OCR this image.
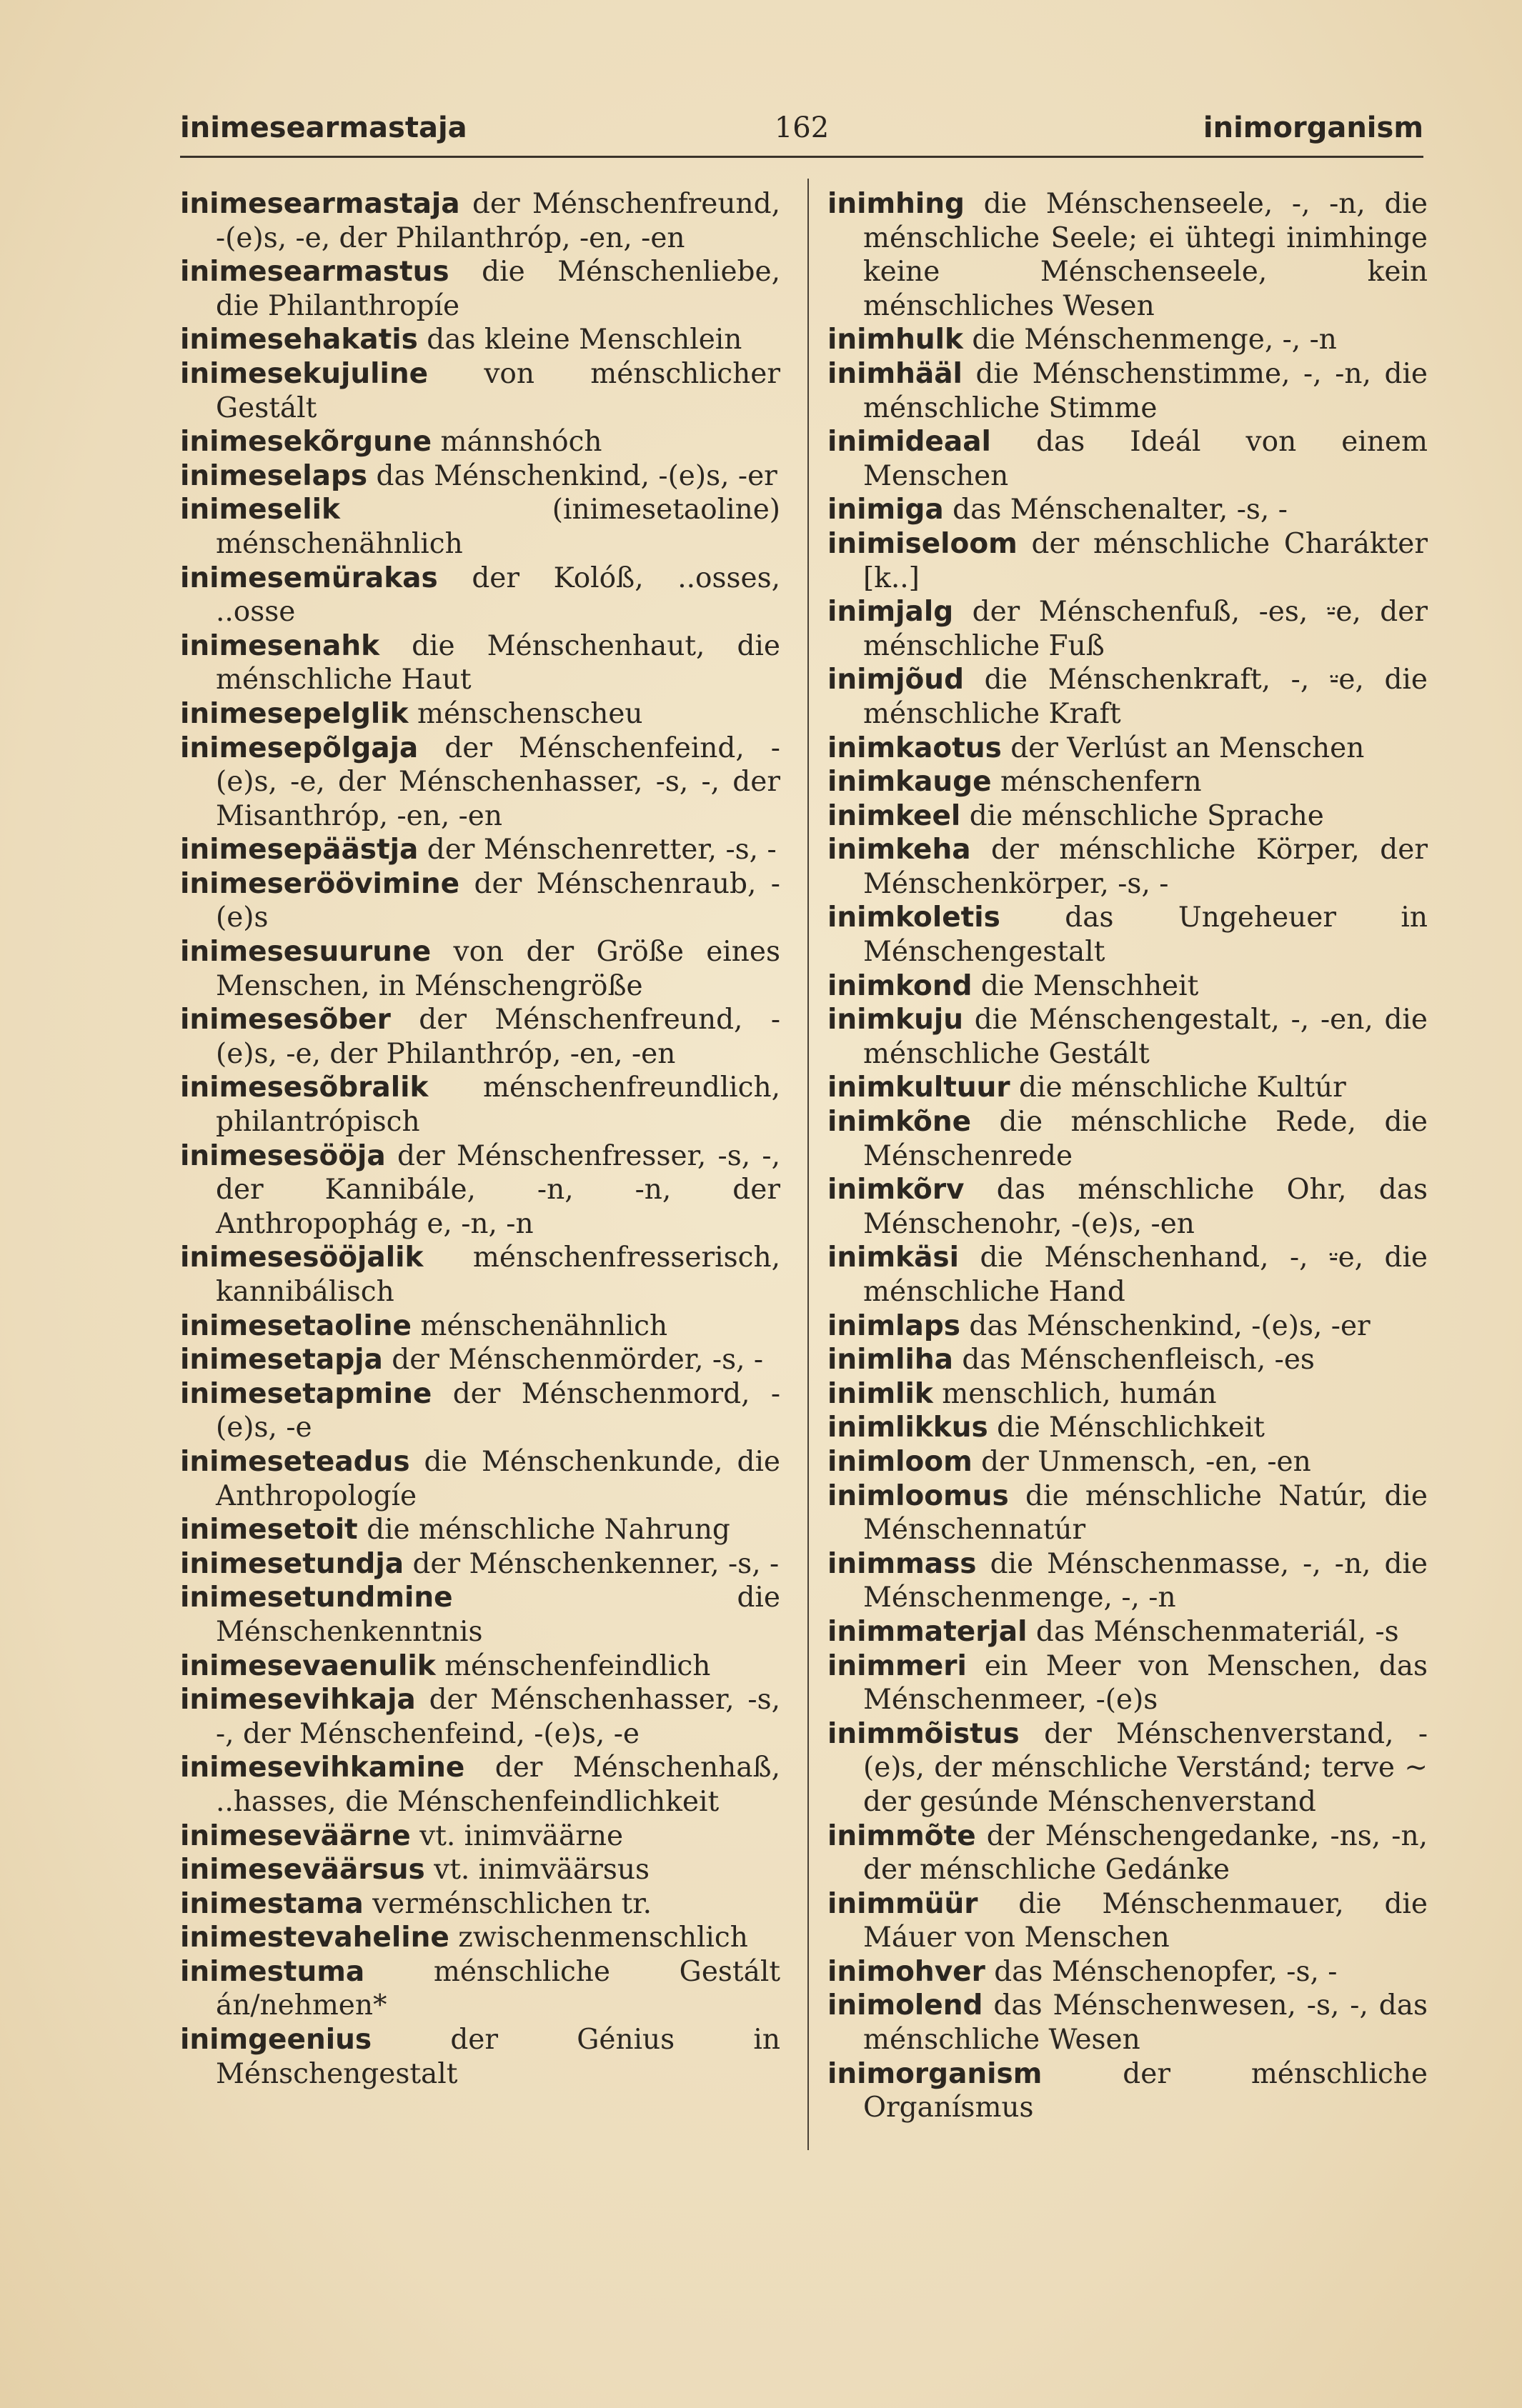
inimesearmastaja	162	inimorganism
inimesearmastaja der Ménschenfreund, -(e)s, -e, der Philanthróp, -en, -en
inimesearmastus die Ménschenliebe, die Philanthropíe
inimesehakatis das kleine Menschlein
inimesekujuline von ménschlicher Gestált
inimesekõrgune mánnshóch
inimeselaps das Ménschenkind, -(e)s, -er
inimeselik	(inimesetaoline) ménschenähnlich
inimesemürakas der Kolóß, ..osses, ..osse
inimesenahk die Ménschenhaut, die ménschliche Haut
inimesepelglik ménschenscheu
inimesepõlgaja der Ménschenfeind, -(e)s, -e, der Ménschenhasser, -s, -, der Misanthróp, -en, -en
inimesepäästja der Ménschenretter, -s, -
inimeseröövimine der Ménschenraub, -(e)s
inimesesuurune von der Größe eines Menschen, in Ménschengröße
inimesesõber der Ménschenfreund, -(e)s, -e, der Philanthróp, -en, -en
inimesesõbralik ménschenfreundlich, philantrópisch
inimesesööja der Ménschenfresser, -s, -, der Kannibále, -n, -n, der Anthropophág e, -n, -n
inimesesööjalik ménschenfresserisch, kannibálisch
inimesetaoline ménschenähnlich
inimesetapja der Ménschenmörder, -s, -
inimesetapmine der Ménschenmord, -(e)s, -e
inimeseteadus die Ménschenkunde, die Anthropologíe
inimesetoit die ménschliche Nahrung
inimesetundja der Ménschenkenner, -s, -
inimesetundmine	die Ménschenkenntnis
inimesevaenulik ménschenfeindlich
inimesevihkaja der Ménschenhasser, -s, -, der Ménschenfeind, -(e)s, -e
inimesevihkamine der Ménschenhaß, ..hasses, die Ménschenfeindlichkeit
inimeseväärne vt. inimväärne
inimeseväärsus vt. inimväärsus
inimestama verménschlichen tr.
inimestevaheline zwischenmenschlich
inimestuma ménschliche Gestált án/nehmen*
inimgeenius	der Génius in Ménschengestalt
inimhing die Ménschenseele, -, -n, die ménschliche Seele; ei ühtegi inimhinge keine Ménschenseele, kein ménschliches Wesen
inimhulk die Ménschenmenge, -, -n
inimhääl die Ménschenstimme, -, -n, die ménschliche Stimme
inimideaal das Ideál von einem Menschen
inimiga das Ménschenalter, -s, -
inimiseloom der ménschliche Charákter [k..]
inimjalg der Ménschenfuß, -es, ⸚e, der ménschliche Fuß
inimjõud die Ménschenkraft, -, ⸚e, die ménschliche Kraft
inimkaotus der Verlúst an Menschen
inimkauge ménschenfern
inimkeel die ménschliche Sprache
inimkeha der ménschliche Körper, der Ménschenkörper, -s, -
inimkoletis das Ungeheuer in Ménschengestalt
inimkond die Menschheit
inimkuju die Ménschengestalt, -, -en, die ménschliche Gestált
inimkultuur die ménschliche Kultúr
inimkõne die ménschliche Rede, die Ménschenrede
inimkõrv das ménschliche Ohr, das Ménschenohr, -(e)s, -en
inimkäsi die Ménschenhand, -, ⸚e, die ménschliche Hand
inimlaps das Ménschenkind, -(e)s, -er
inimliha das Ménschenfleisch, -es
inimlik menschlich, humán
inimlikkus die Ménschlichkeit
inimloom der Unmensch, -en, -en
inimloomus die ménschliche Natúr, die Ménschennatúr
inimmass die Ménschenmasse, -, -n, die Ménschenmenge, -, -n
inimmaterjal das Ménschenmateriál, -s
inimmeri ein Meer von Menschen, das Ménschenmeer, -(e)s
inimmõistus der Ménschenverstand, -(e)s, der ménschliche Verstánd; terve ~ der gesúnde Ménschenverstand
inimmõte der Ménschengedanke, -ns, -n, der ménschliche Gedánke
inimmüür die Ménschenmauer, die Máuer von Menschen
inimohver das Ménschenopfer, -s, -
inimolend das Ménschenwesen, -s, -, das ménschliche Wesen
inimorganism	der ménschliche Organísmus
